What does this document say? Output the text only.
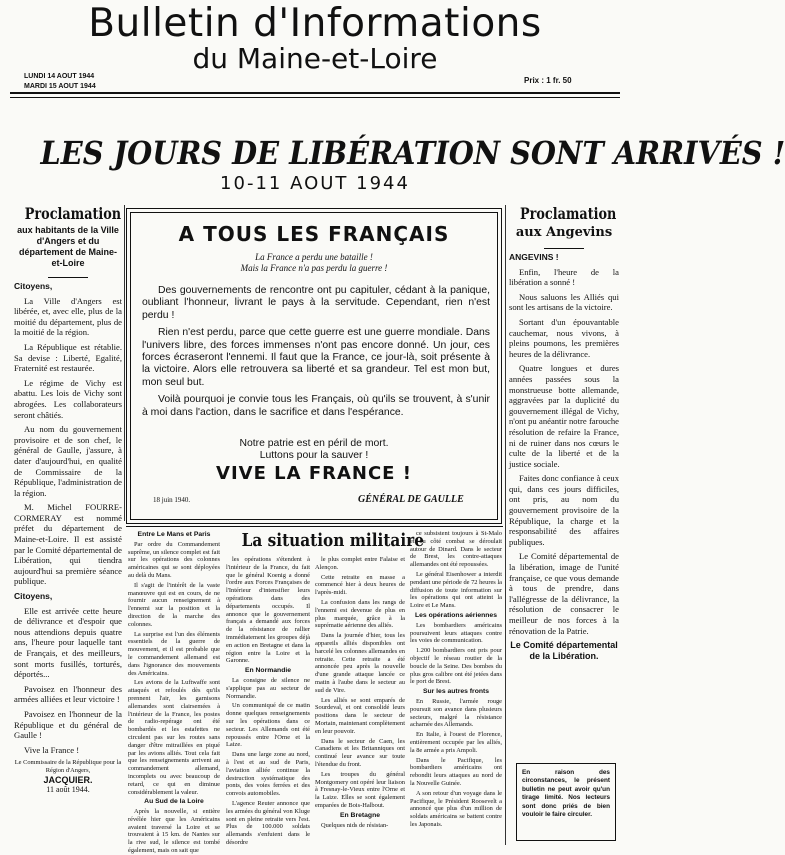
Bulletin d'Informations
LUNDI 14 AOUT 1944
MARDI 15 AOUT 1944
du Maine-et-Loire
Prix : 1 fr. 50
LES JOURS DE LIBÉRATION SONT ARRIVÉS !
10-11 AOUT 1944
Proclamation
aux habitants de la Ville d'Angers et du département de Maine-et-Loire
Citoyens,

La Ville d'Angers est libérée, et, avec elle, plus de la moitié du département, plus de la moitié de la région.

La République est rétablie. Sa devise : Liberté, Egalité, Fraternité est restaurée.

Le régime de Vichy est abattu. Les lois de Vichy sont abrogées. Les collaborateurs seront châtiés.

Au nom du gouvernement provisoire et de son chef, le général de Gaulle, j'assure, à dater d'aujourd'hui, en qualité de Commissaire de la République, l'administration de la région.

M. Michel FOURRE-CORMERAY est nommé préfet du département de Maine-et-Loire. Il est assisté par le Comité départemental de Libération, qui tiendra aujourd'hui sa première séance publique.

Citoyens,

Elle est arrivée cette heure de délivrance et d'espoir que nous attendions depuis quatre ans, l'heure pour laquelle tant de Français, et des meilleurs, sont morts fusillés, torturés, déportés...

Pavoisez en l'honneur des armées alliées et leur victoire !

Pavoisez en l'honneur de la République et du général de Gaulle !

Vive la France !

Le Commissaire de la République pour la Région d'Angers,
JACQUIER.
11 août 1944.
A TOUS LES FRANÇAIS
La France a perdu une bataille !
Mais la France n'a pas perdu la guerre !

Des gouvernements de rencontre ont pu capituler, cédant à la panique, oubliant l'honneur, livrant le pays à la servitude. Cependant, rien n'est perdu !

Rien n'est perdu, parce que cette guerre est une guerre mondiale. Dans l'univers libre, des forces immenses n'ont pas encore donné. Un jour, ces forces écraseront l'ennemi. Il faut que la France, ce jour-là, soit présente à la victoire. Alors elle retrouvera sa liberté et sa grandeur. Tel est mon but, mon seul but.

Voilà pourquoi je convie tous les Français, où qu'ils se trouvent, à s'unir à moi dans l'action, dans le sacrifice et dans l'espérance.

Notre patrie est en péril de mort.
Luttons pour la sauver !
VIVE LA FRANCE !
18 juin 1940.	GÉNÉRAL DE GAULLE
Proclamation
aux Angevins
ANGEVINS !

Enfin, l'heure de la libération a sonné !

Nous saluons les Alliés qui sont les artisans de la victoire.

Sortant d'un épouvantable cauchemar, nous vivons, à pleins poumons, les premières heures de la délivrance.

Quatre longues et dures années passées sous la monstrueuse botte allemande, aggravées par la duplicité du gouvernement illégal de Vichy, n'ont pu anéantir notre farouche résolution de refaire la France, ni de ruiner dans nos cœurs le culte de la liberté et de la justice sociale.

Faites donc confiance à ceux qui, dans ces jours difficiles, ont pris, au nom du gouvernement provisoire de la République, la charge et la responsabilité des affaires publiques.

Le Comité départemental de la libération, image de l'unité française, ce que vous demande à tous de prendre, dans l'allégresse de la délivrance, la résolution de consacrer le meilleur de nos forces à la rénovation de la Patrie.

Le Comité départemental de la Libération.
En raison des circonstances, le présent bulletin ne peut avoir qu'un tirage limité. Nos lecteurs sont donc priés de bien vouloir le faire circuler.
La situation militaire
Entre Le Mans et Paris

Par ordre du Commandement suprême, un silence complet est fait sur les opérations des colonnes américaines qui se sont déployées au delà du Mans.

Il s'agit de l'intérêt de la vaste manœuvre qui est en cours, de ne fournir aucun renseignement à l'ennemi sur la position et la direction de la marche des colonnes.

La surprise est l'un des éléments essentiels de la guerre de mouvement, et il est probable que le commandement allemand est dans l'ignorance des mouvements des Américains.

Les avions de la Luftwaffe sont attaqués et refoulés dès qu'ils prennent l'air, les garnisons allemandes sont clairsemées à l'intérieur de la France, les postes de radio-repérage ont été bombardés et les estafettes ne circulent pas sur les routes sans danger d'être mitraillées en piqué par les avions alliés. Tout cela fait que les renseignements arrivent au commandement allemand, incomplets ou avec beaucoup de retard, ce qui en diminue considérablement la valeur.

Au Sud de la Loire

Après la nouvelle, si entière révélée hier que les Américains avaient traversé la Loire et se trouvaient à 15 km. de Nantes sur la rive sud, le silence est tombé également, mais on sait que

les opérations s'étendent à l'intérieur de la France, du fait que le général Koenig a donné l'ordre aux Forces Françaises de l'Intérieur d'intensifier leurs opérations dans des départements occupés. Il annonce que le gouvernement français a demandé aux forces de la résistance de rallier immédiatement les groupes déjà en action en Bretagne et dans la région entre la Loire et la Garonne.

En Normandie

La consigne de silence ne s'applique pas au secteur de Normandie.

Un communiqué de ce matin donne quelques renseignements sur les opérations dans ce secteur. Les Allemands ont été repoussés entre l'Orne et la Laize.

Dans une large zone au nord, à l'est et au sud de Paris, l'aviation alliée continue la destruction systématique des ponts, des voies ferrées et des convois automobiles.

L'agence Reuter annonce que les armées du général von Kluge sont en pleine retraite vers l'est. Plus de 100.000 soldats allemands s'enfuient dans le désordre

le plus complet entre Falaise et Alençon.

Cette retraite en masse a commencé hier à deux heures de l'après-midi.

La confusion dans les rangs de l'ennemi est devenue de plus en plus marquée, grâce à la suprématie aérienne des alliés.

Dans la journée d'hier, tous les appareils alliés disponibles ont harcelé les colonnes allemandes en retraite. Cette retraite a été annoncée peu après la nouvelle d'une grande attaque lancée ce matin à l'aube dans le secteur au sud de Vire.

Les alliés se sont emparés de Sourdeval, et ont consolidé leurs positions dans le secteur de Mortain, maintenant complètement en leur pouvoir.

Dans le secteur de Caen, les Canadiens et les Britanniques ont continué leur avance sur toute l'étendue du front.

Les troupes du général Montgomery ont opéré leur liaison à Fresnay-le-Vieux entre l'Orne et la Laize. Elles se sont également emparées de Bois-Halbout.

En Bretagne

Quelques nids de résistan-

ce subsistent toujours à St-Malo et du côté combat se déroulait autour de Dinard. Dans le secteur de Brest, les contre-attaques allemandes ont été repoussées.

Le général Eisenhower a interdit pendant une période de 72 heures la diffusion de toute information sur les opérations qui ont atteint la Loire et Le Mans.

Les opérations aériennes

Les bombardiers américains poursuivent leurs attaques contre les voies de communication.

1.200 bombardiers ont pris pour objectif le réseau routier de la boucle de la Seine. Des bombes du plus gros calibre ont été jetées dans le port de Brest.

Sur les autres fronts

En Russie, l'armée rouge poursuit son avance dans plusieurs secteurs, malgré la résistance acharnée des Allemands.

En Italie, à l'ouest de Florence, entièrement occupée par les alliés, la 8e armée a pris Ampoli.

Dans le Pacifique, les bombardiers américains ont rebondit leurs attaques au nord de la Nouvelle Guinée.

A son retour d'un voyage dans le Pacifique, le Président Roosevelt a annoncé que plus d'un million de soldats américains se battent contre les Japonais.
